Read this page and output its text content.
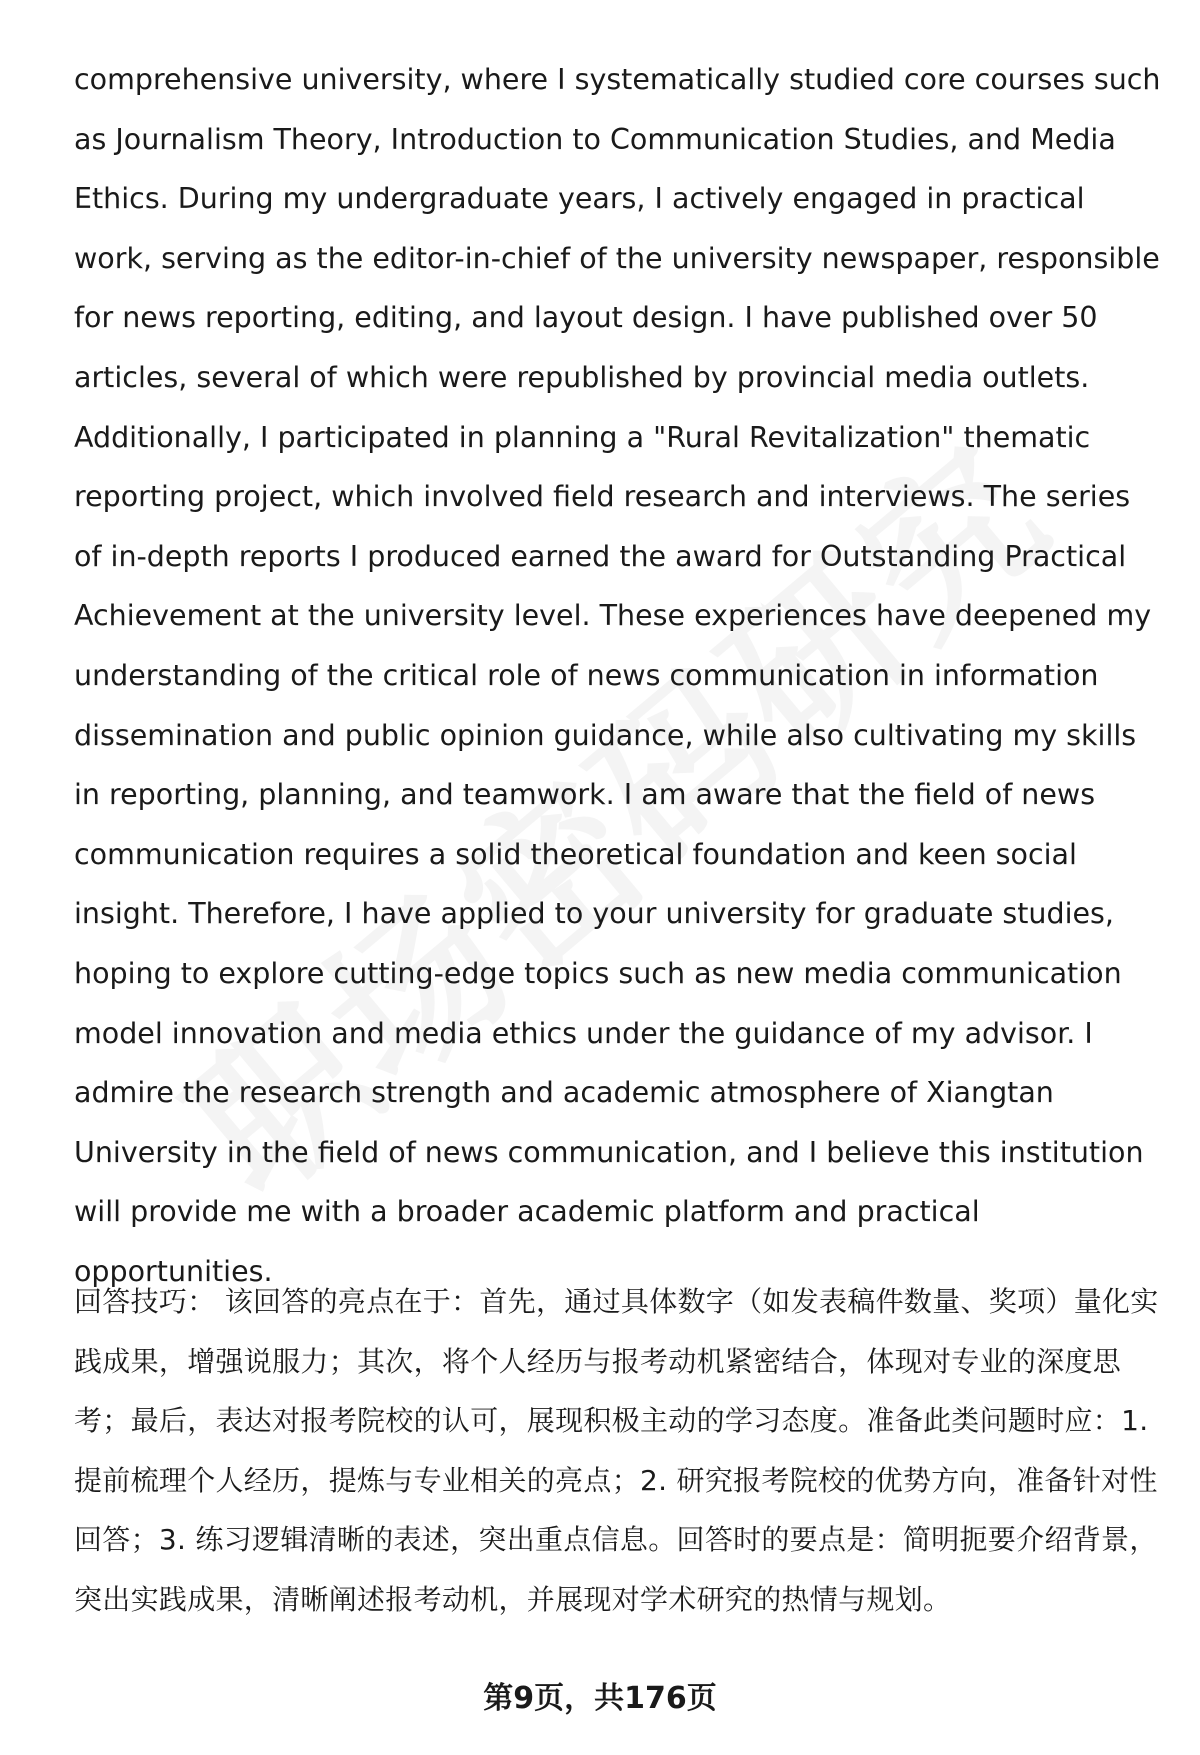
comprehensive university, where I systematically studied core courses such as Journalism Theory, Introduction to Communication Studies, and Media Ethics. During my undergraduate years, I actively engaged in practical work, serving as the editor-in-chief of the university newspaper, responsible for news reporting, editing, and layout design. I have published over 50 articles, several of which were republished by provincial media outlets. Additionally, I participated in planning a "Rural Revitalization" thematic reporting project, which involved field research and interviews. The series of in-depth reports I produced earned the award for Outstanding Practical Achievement at the university level. These experiences have deepened my understanding of the critical role of news communication in information dissemination and public opinion guidance, while also cultivating my skills in reporting, planning, and teamwork. I am aware that the field of news communication requires a solid theoretical foundation and keen social insight. Therefore, I have applied to your university for graduate studies, hoping to explore cutting-edge topics such as new media communication model innovation and media ethics under the guidance of my advisor. I admire the research strength and academic atmosphere of Xiangtan University in the field of news communication, and I believe this institution will provide me with a broader academic platform and practical opportunities.

回答技巧： 该回答的亮点在于：首先，通过具体数字（如发表稿件数量、奖项）量化实践成果，增强说服力；其次，将个人经历与报考动机紧密结合，体现对专业的深度思考；最后，表达对报考院校的认可，展现积极主动的学习态度。准备此类问题时应：1. 提前梳理个人经历，提炼与专业相关的亮点；2. 研究报考院校的优势方向，准备针对性回答；3. 练习逻辑清晰的表述，突出重点信息。回答时的要点是：简明扼要介绍背景，突出实践成果，清晰阐述报考动机，并展现对学术研究的热情与规划。

第9页，共176页
